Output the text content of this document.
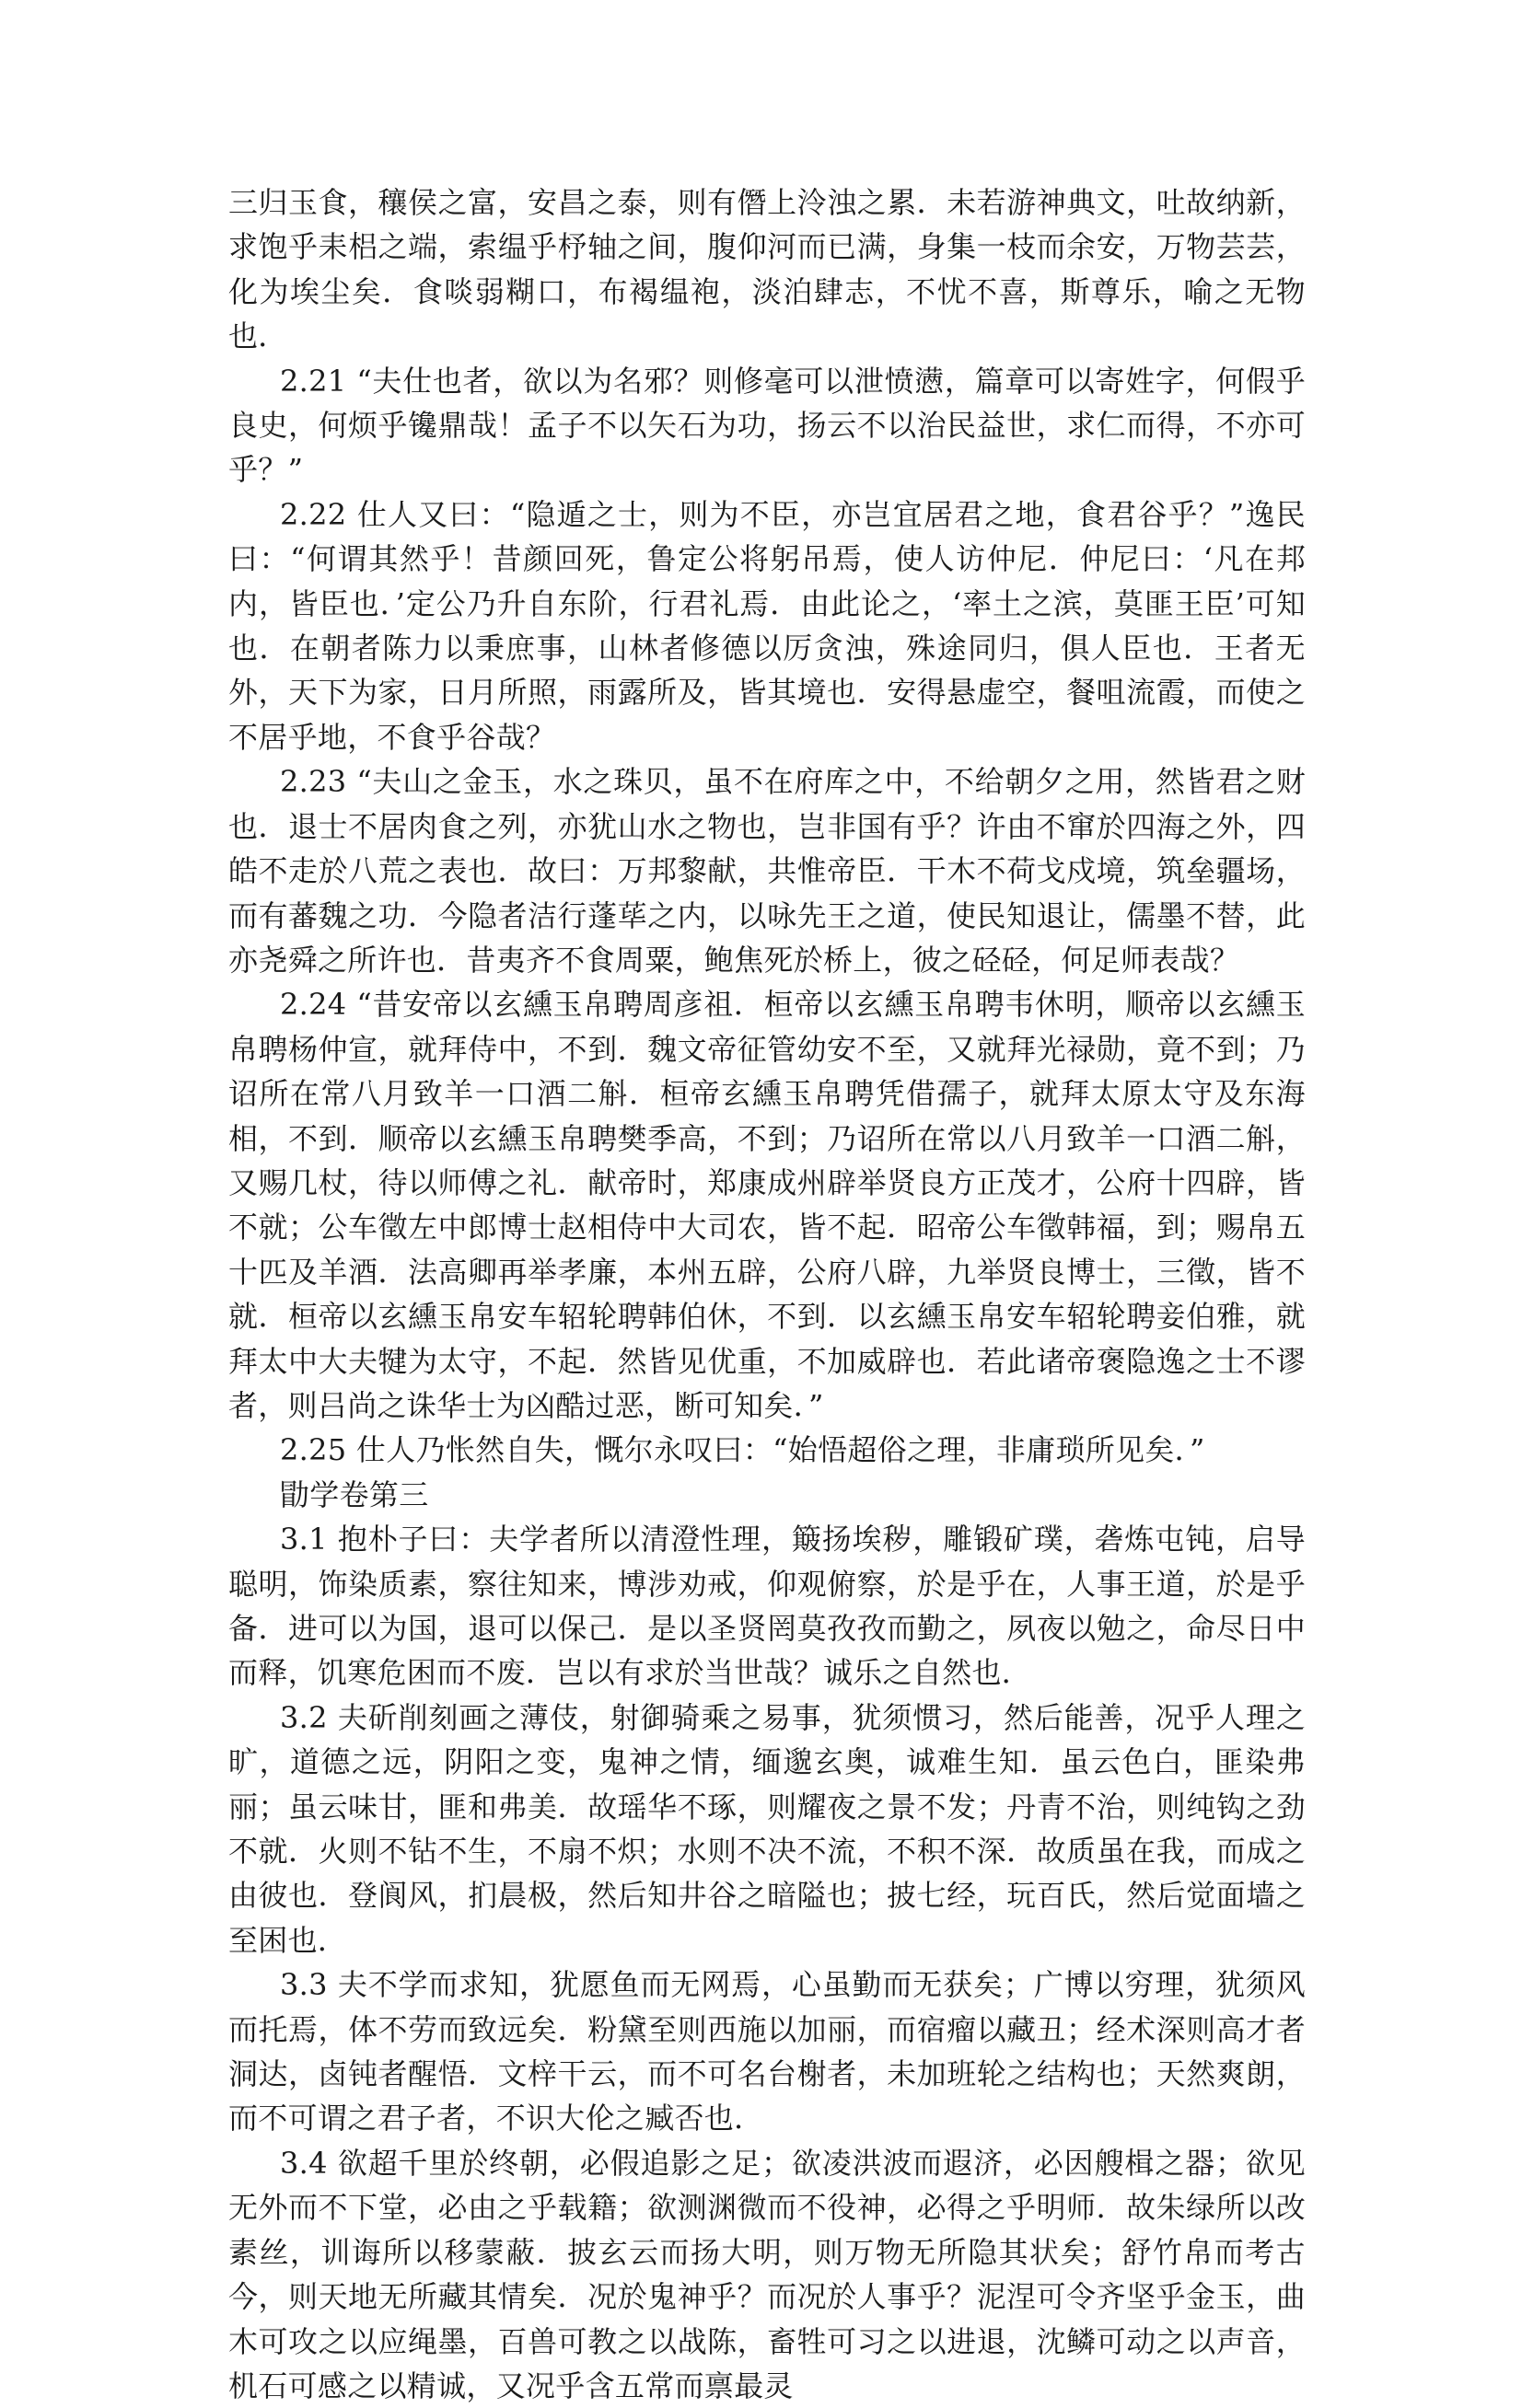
三归玉食，穰侯之富，安昌之泰，则有僭上泠浊之累．未若游神典文，吐故纳新，求饱乎耒梠之端，索缊乎杼轴之间，腹仰河而已满，身集一枝而余安，万物芸芸，化为埃尘矣．食啖弱糊口，布褐缊袍，淡泊肆志，不忧不喜，斯尊乐，喻之无物也．

2.21 “夫仕也者，欲以为名邪？则修毫可以泄愤懑，篇章可以寄姓字，何假乎良史，何烦乎镵鼎哉！孟子不以矢石为功，扬云不以治民益世，求仁而得，不亦可乎？”

2.22 仕人又曰：“隐遁之士，则为不臣，亦岂宜居君之地，食君谷乎？”逸民曰：“何谓其然乎！昔颜回死，鲁定公将躬吊焉，使人访仲尼．仲尼曰：‘凡在邦内，皆臣也．’定公乃升自东阶，行君礼焉．由此论之，‘率土之滨，莫匪王臣’可知也．在朝者陈力以秉庶事，山林者修德以厉贪浊，殊途同归，俱人臣也．王者无外，天下为家，日月所照，雨露所及，皆其境也．安得悬虚空，餐咀流霞，而使之不居乎地，不食乎谷哉？

2.23 “夫山之金玉，水之珠贝，虽不在府库之中，不给朝夕之用，然皆君之财也．退士不居肉食之列，亦犹山水之物也，岂非国有乎？许由不窜於四海之外，四皓不走於八荒之表也．故曰：万邦黎献，共惟帝臣．干木不荷戈戍境，筑垒疆场，而有蕃魏之功．今隐者洁行蓬荜之内，以咏先王之道，使民知退让，儒墨不替，此亦尧舜之所许也．昔夷齐不食周粟，鲍焦死於桥上，彼之硁硁，何足师表哉？

2.24 “昔安帝以玄纁玉帛聘周彦祖．桓帝以玄纁玉帛聘韦休明，顺帝以玄纁玉帛聘杨仲宣，就拜侍中，不到．魏文帝征管幼安不至，又就拜光禄勋，竟不到；乃诏所在常八月致羊一口酒二斛．桓帝玄纁玉帛聘凭借孺子，就拜太原太守及东海相，不到．顺帝以玄纁玉帛聘樊季高，不到；乃诏所在常以八月致羊一口酒二斛，又赐几杖，待以师傅之礼．献帝时，郑康成州辟举贤良方正茂才，公府十四辟，皆不就；公车徵左中郎博士赵相侍中大司农，皆不起．昭帝公车徵韩福，到；赐帛五十匹及羊酒．法高卿再举孝廉，本州五辟，公府八辟，九举贤良博士，三徵，皆不就．桓帝以玄纁玉帛安车轺轮聘韩伯休，不到．以玄纁玉帛安车轺轮聘妾伯雅，就拜太中大夫犍为太守，不起．然皆见优重，不加威辟也．若此诸帝褒隐逸之士不谬者，则吕尚之诛华士为凶酷过恶，断可知矣．”

2.25 仕人乃怅然自失，慨尔永叹曰：“始悟超俗之理，非庸琐所见矣．”

勖学卷第三

3.1 抱朴子曰：夫学者所以清澄性理，簸扬埃秽，雕锻矿璞，砻炼屯钝，启导聪明，饰染质素，察往知来，博涉劝戒，仰观俯察，於是乎在，人事王道，於是乎备．进可以为国，退可以保己．是以圣贤罔莫孜孜而勤之，夙夜以勉之，命尽日中而释，饥寒危困而不废．岂以有求於当世哉？诚乐之自然也．

3.2 夫斫削刻画之薄伎，射御骑乘之易事，犹须惯习，然后能善，况乎人理之旷，道德之远，阴阳之变，鬼神之情，缅邈玄奥，诚难生知．虽云色白，匪染弗丽；虽云味甘，匪和弗美．故瑶华不琢，则耀夜之景不发；丹青不治，则纯钩之劲不就．火则不钻不生，不扇不炽；水则不决不流，不积不深．故质虽在我，而成之由彼也．登阆风，扪晨极，然后知井谷之暗隘也；披七经，玩百氏，然后觉面墙之至困也．

3.3 夫不学而求知，犹愿鱼而无网焉，心虽勤而无获矣；广博以穷理，犹须风而托焉，体不劳而致远矣．粉黛至则西施以加丽，而宿瘤以藏丑；经术深则高才者洞达，卤钝者醒悟．文梓干云，而不可名台榭者，未加班轮之结构也；天然爽朗，而不可谓之君子者，不识大伦之臧否也．

3.4 欲超千里於终朝，必假追影之足；欲凌洪波而遐济，必因艘楫之器；欲见无外而不下堂，必由之乎载籍；欲测渊微而不役神，必得之乎明师．故朱绿所以改素丝，训诲所以移蒙蔽．披玄云而扬大明，则万物无所隐其状矣；舒竹帛而考古今，则天地无所藏其情矣．况於鬼神乎？而况於人事乎？泥涅可令齐坚乎金玉，曲木可攻之以应绳墨，百兽可教之以战陈，畜牲可习之以进退，沈鳞可动之以声音，机石可感之以精诚，又况乎含五常而禀最灵
